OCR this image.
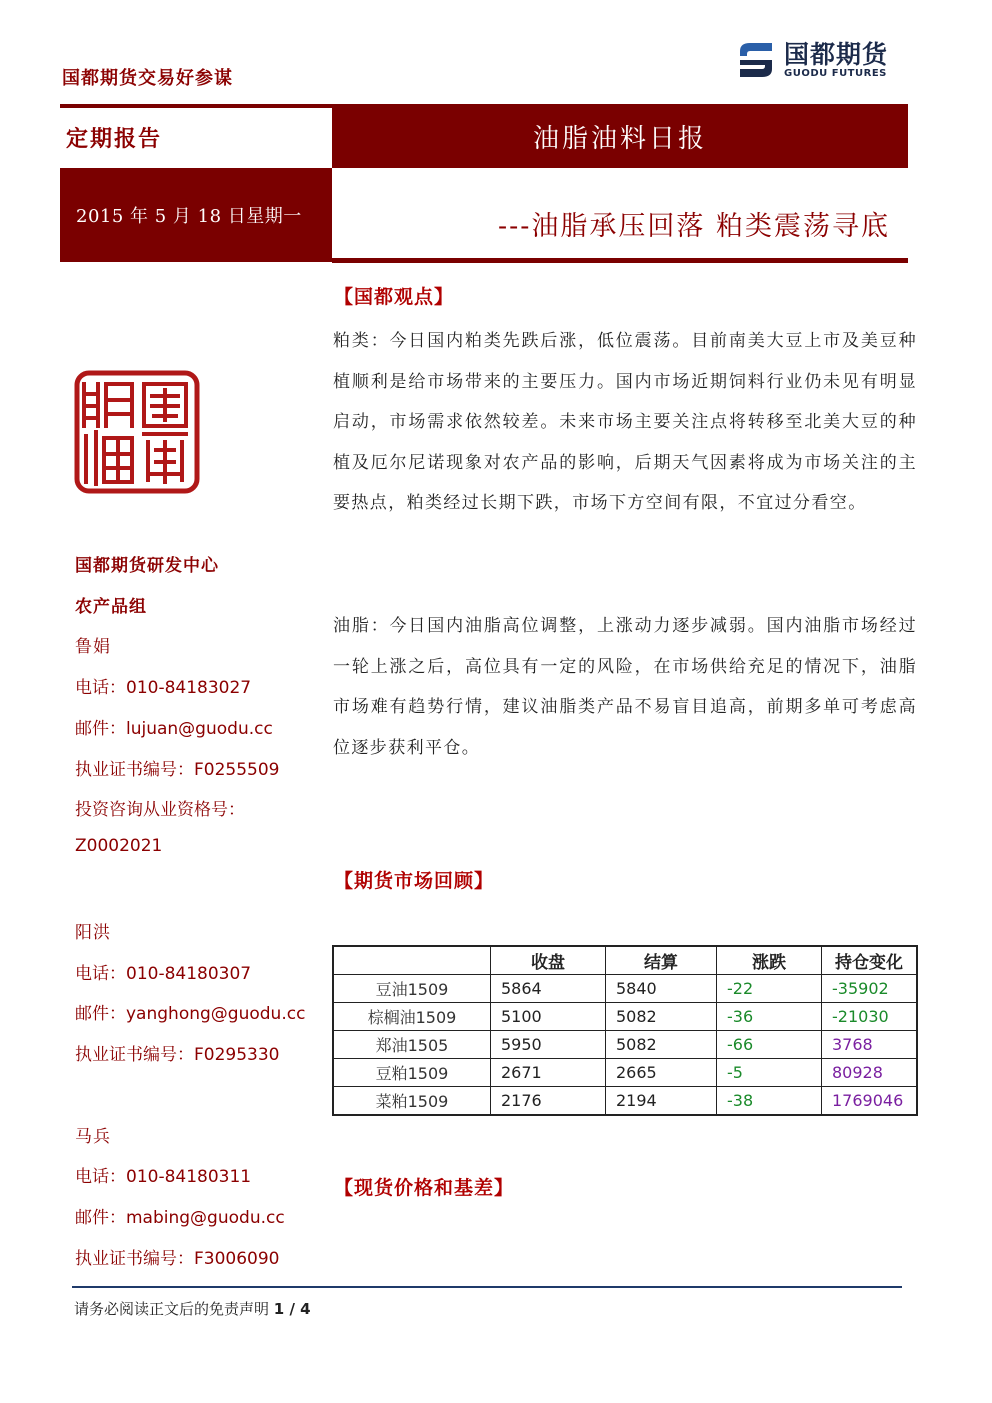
国都期货交易好参谋
国都期货
GUODU FUTURES
定期报告	油脂油料日报
2015 年 5 月 18 日星期一	---油脂承压回落 粕类震荡寻底
【国都观点】
粕类：今日国内粕类先跌后涨，低位震荡。目前南美大豆上市及美豆种植顺利是给市场带来的主要压力。国内市场近期饲料行业仍未见有明显启动，市场需求依然较差。未来市场主要关注点将转移至北美大豆的种植及厄尔尼诺现象对农产品的影响，后期天气因素将成为市场关注的主要热点，粕类经过长期下跌，市场下方空间有限，不宜过分看空。
油脂：今日国内油脂高位调整，上涨动力逐步减弱。国内油脂市场经过一轮上涨之后，高位具有一定的风险，在市场供给充足的情况下，油脂市场难有趋势行情，建议油脂类产品不易盲目追高，前期多单可考虑高位逐步获利平仓。
国都期货研发中心
农产品组
鲁娟
电话：010-84183027
邮件：lujuan@guodu.cc
执业证书编号：F0255509
投资咨询从业资格号：
Z0002021
阳洪
电话：010-84180307
邮件：yanghong@guodu.cc
执业证书编号：F0295330
马兵
电话：010-84180311
邮件：mabing@guodu.cc
执业证书编号：F3006090
【期货市场回顾】
	收盘	结算	涨跌	持仓变化
豆油1509	5864	5840	-22	-35902
棕榈油1509	5100	5082	-36	-21030
郑油1505	5950	5082	-66	3768
豆粕1509	2671	2665	-5	80928
菜粕1509	2176	2194	-38	1769046
【现货价格和基差】
请务必阅读正文后的免责声明 1 / 4
